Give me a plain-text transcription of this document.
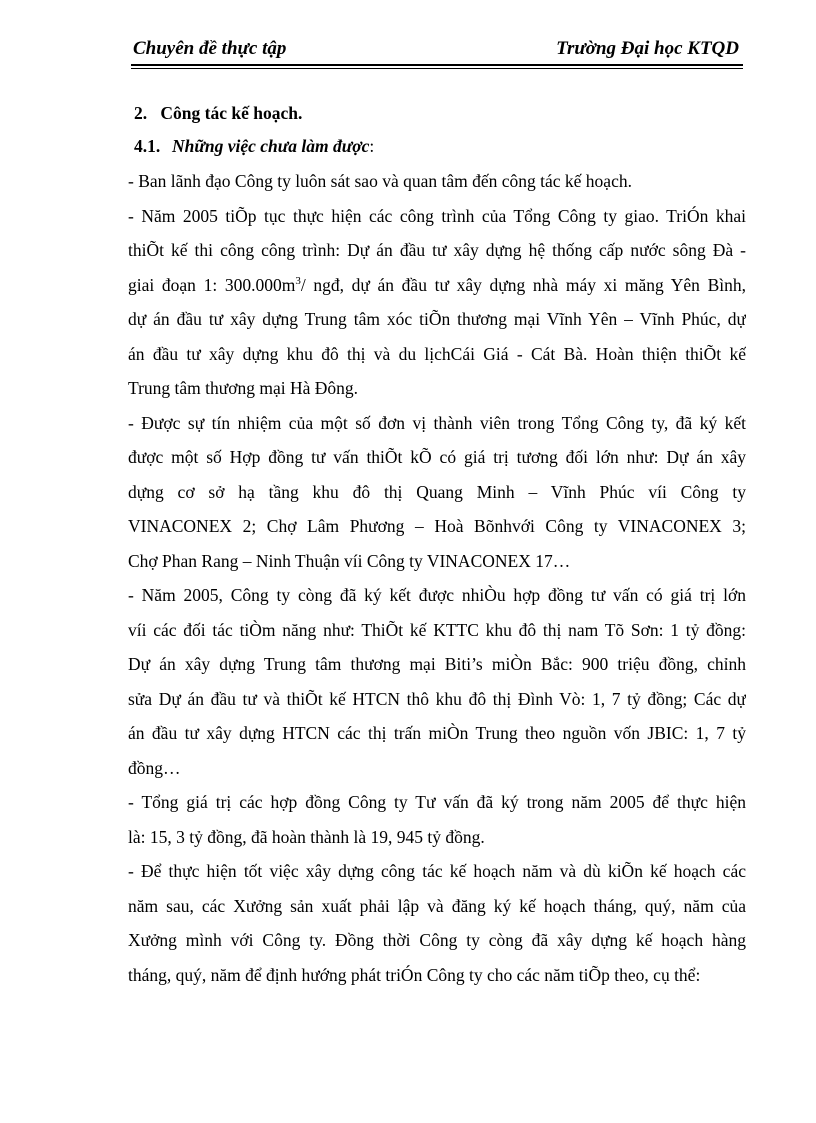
Chuyên đề thực tập	Trường Đại học KTQD

2. Công tác kế hoạch.

4.1. Những việc chưa làm được:

- Ban lãnh đạo Công ty luôn sát sao và quan tâm đến công tác kế hoạch.

- Năm 2005 tiÕp tục thực hiện các công trình của Tổng Công ty giao. TriÓn khai
thiÕt kế thi công công trình: Dự án đầu tư xây dựng hệ thống cấp nước sông Đà -
giai đoạn 1: $300.000m^3/$ ngđ, dự án đầu tư xây dựng nhà máy xi măng Yên Bình,
dự án đầu tư xây dựng Trung tâm xóc tiÕn thương mại Vĩnh Yên – Vĩnh Phúc, dự
án đầu tư xây dựng khu đô thị và du lịchCái Giá - Cát Bà. Hoàn thiện thiÕt kế
Trung tâm thương mại Hà Đông.

- Được sự tín nhiệm của một số đơn vị thành viên trong Tổng Công ty, đã ký kết
được một số Hợp đồng tư vấn thiÕt kÕ có giá trị tương đối lớn như: Dự án xây
dựng cơ sở hạ tầng khu đô thị Quang Minh – Vĩnh Phúc víi Công ty
VINACONEX 2; Chợ Lâm Phương – Hoà Bõnhvới Công ty VINACONEX 3;
Chợ Phan Rang – Ninh Thuận víi Công ty VINACONEX 17…

- Năm 2005, Công ty còng đã ký kết được nhiÒu hợp đồng tư vấn có giá trị lớn
víi các đối tác tiÒm năng như: ThiÕt kế KTTC khu đô thị nam Tõ Sơn: 1 tỷ đồng:
Dự án xây dựng Trung tâm thương mại Biti’s miÒn Bắc: 900 triệu đồng, chỉnh
sửa Dự án đầu tư và thiÕt kế HTCN thô khu đô thị Đình Vò: 1, 7 tỷ đồng; Các dự
án đầu tư xây dựng HTCN các thị trấn miÒn Trung theo nguồn vốn JBIC: 1, 7 tỷ
đồng…

- Tổng giá trị các hợp đồng Công ty Tư vấn đã ký trong năm 2005 để thực hiện
là: 15, 3 tỷ đồng, đã hoàn thành là 19, 945 tỷ đồng.

- Để thực hiện tốt việc xây dựng công tác kế hoạch năm và dù kiÕn kế hoạch các
năm sau, các Xưởng sản xuất phải lập và đăng ký kế hoạch tháng, quý, năm của
Xưởng mình với Công ty. Đồng thời Công ty còng đã xây dựng kế hoạch hàng
tháng, quý, năm để định hướng phát triÓn Công ty cho các năm tiÕp theo, cụ thể:
